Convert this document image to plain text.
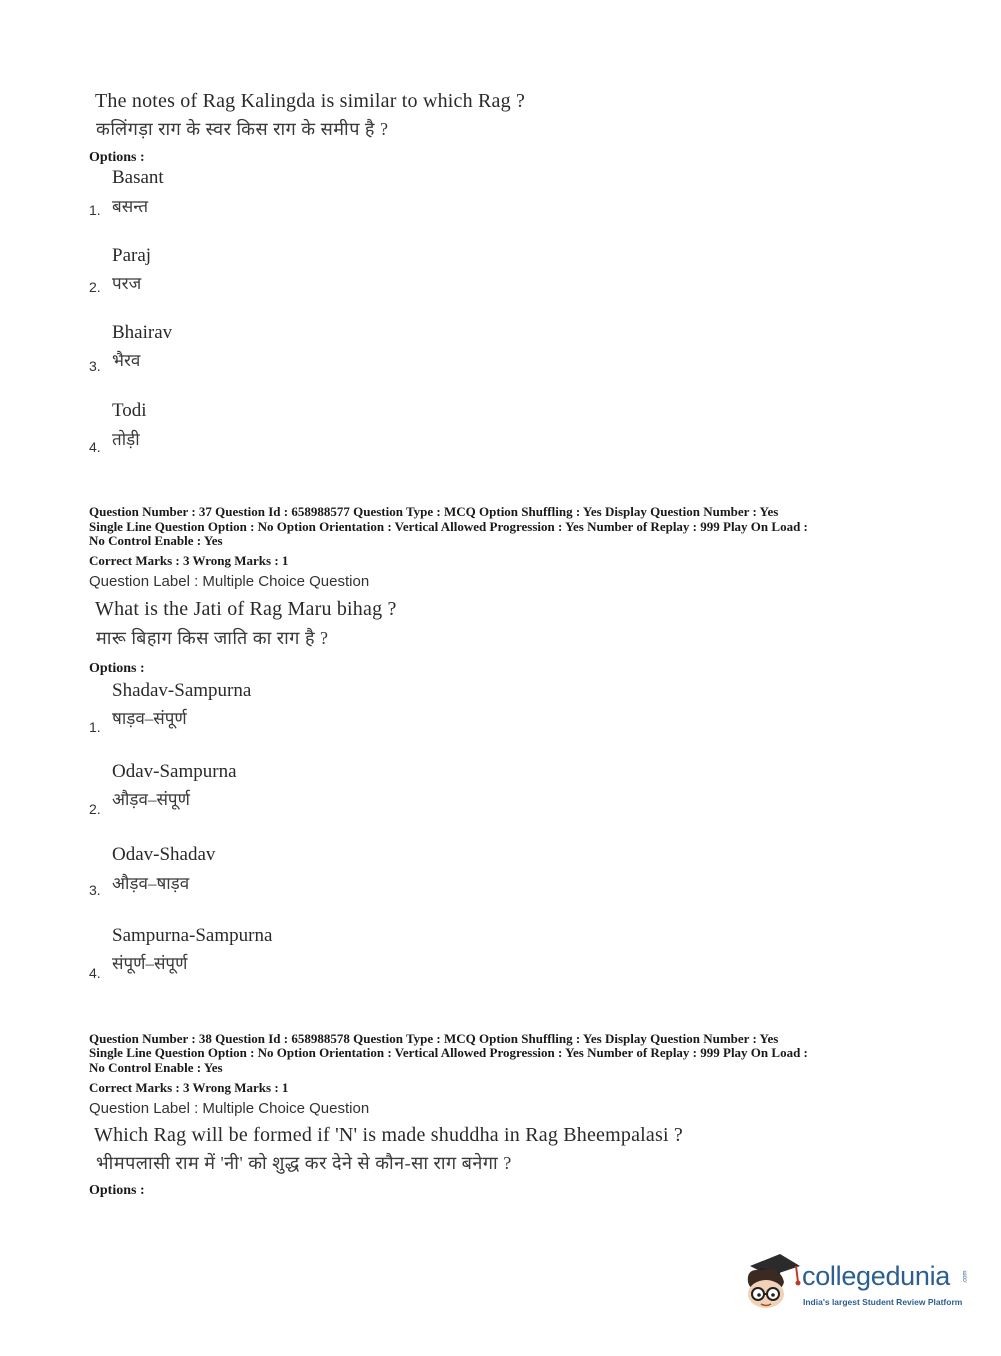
The notes of Rag Kalingda is similar to which Rag ?
कलिंगड़ा राग के स्वर किस राग के समीप है ?
Options :
Basant
बसन्त
1.
Paraj
परज
2.
Bhairav
भैरव
3.
Todi
तोड़ी
4.
Question Number : 37 Question Id : 658988577 Question Type : MCQ Option Shuffling : Yes Display Question Number : Yes
Single Line Question Option : No Option Orientation : Vertical Allowed Progression : Yes Number of Replay : 999 Play On Load :
No Control Enable : Yes
Correct Marks : 3 Wrong Marks : 1
Question Label : Multiple Choice Question
What is the Jati of Rag Maru bihag ?
मारू बिहाग किस जाति का राग है ?
Options :
Shadav-Sampurna
षाड़व–संपूर्ण
1.
Odav-Sampurna
औड़व–संपूर्ण
2.
Odav-Shadav
औड़व–षाड़व
3.
Sampurna-Sampurna
संपूर्ण–संपूर्ण
4.
Question Number : 38 Question Id : 658988578 Question Type : MCQ Option Shuffling : Yes Display Question Number : Yes
Single Line Question Option : No Option Orientation : Vertical Allowed Progression : Yes Number of Replay : 999 Play On Load :
No Control Enable : Yes
Correct Marks : 3 Wrong Marks : 1
Question Label : Multiple Choice Question
Which Rag will be formed if 'N' is made shuddha in Rag Bheempalasi ?
भीमपलासी राम में 'नी' को शुद्ध कर देने से कौन-सा राग बनेगा ?
Options :
collegedunia .com
India's largest Student Review Platform
